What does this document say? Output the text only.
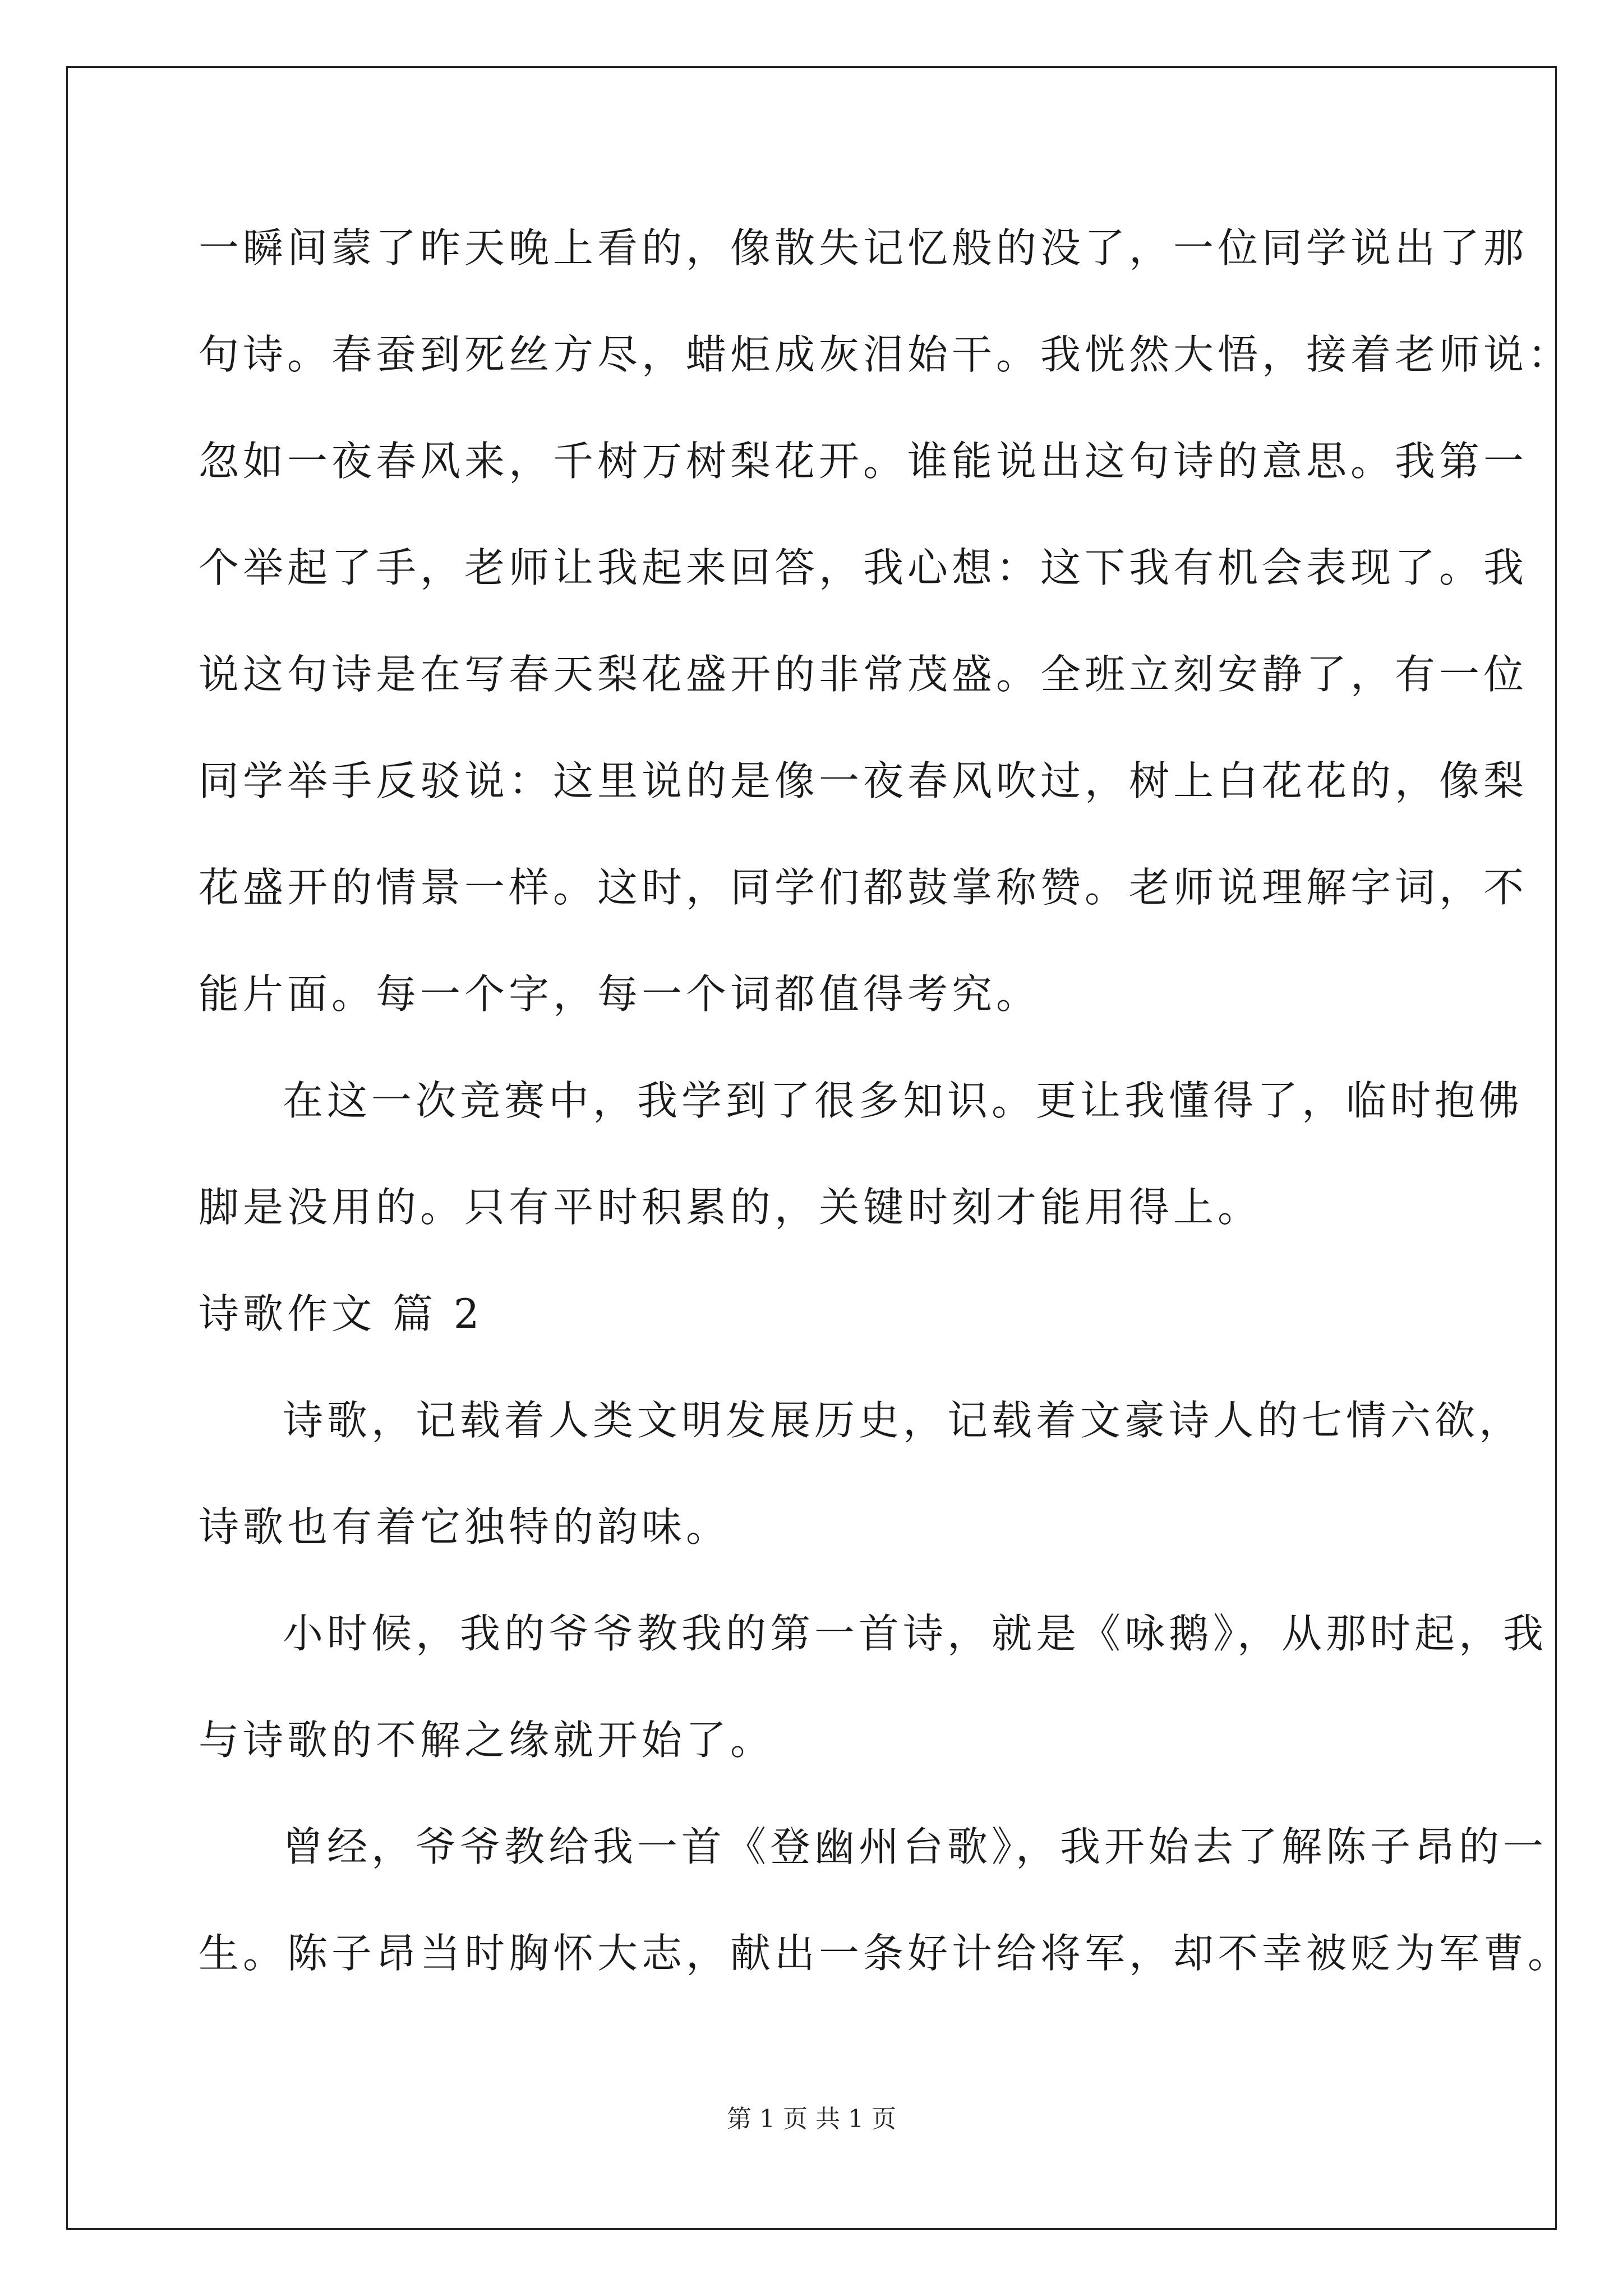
一瞬间蒙了昨天晚上看的，像散失记忆般的没了，一位同学说出了那
句诗。春蚕到死丝方尽，蜡炬成灰泪始干。我恍然大悟，接着老师说：
忽如一夜春风来，千树万树梨花开。谁能说出这句诗的意思。我第一
个举起了手，老师让我起来回答，我心想：这下我有机会表现了。我
说这句诗是在写春天梨花盛开的非常茂盛。全班立刻安静了，有一位
同学举手反驳说：这里说的是像一夜春风吹过，树上白花花的，像梨
花盛开的情景一样。这时，同学们都鼓掌称赞。老师说理解字词，不
能片面。每一个字，每一个词都值得考究。
在这一次竞赛中，我学到了很多知识。更让我懂得了，临时抱佛
脚是没用的。只有平时积累的，关键时刻才能用得上。
诗歌作文 篇 2
诗歌，记载着人类文明发展历史，记载着文豪诗人的七情六欲，
诗歌也有着它独特的韵味。
小时候，我的爷爷教我的第一首诗，就是《咏鹅》，从那时起，我
与诗歌的不解之缘就开始了。
曾经，爷爷教给我一首《登幽州台歌》，我开始去了解陈子昂的一
生。陈子昂当时胸怀大志，献出一条好计给将军，却不幸被贬为军曹。
第 1 页 共 1 页
